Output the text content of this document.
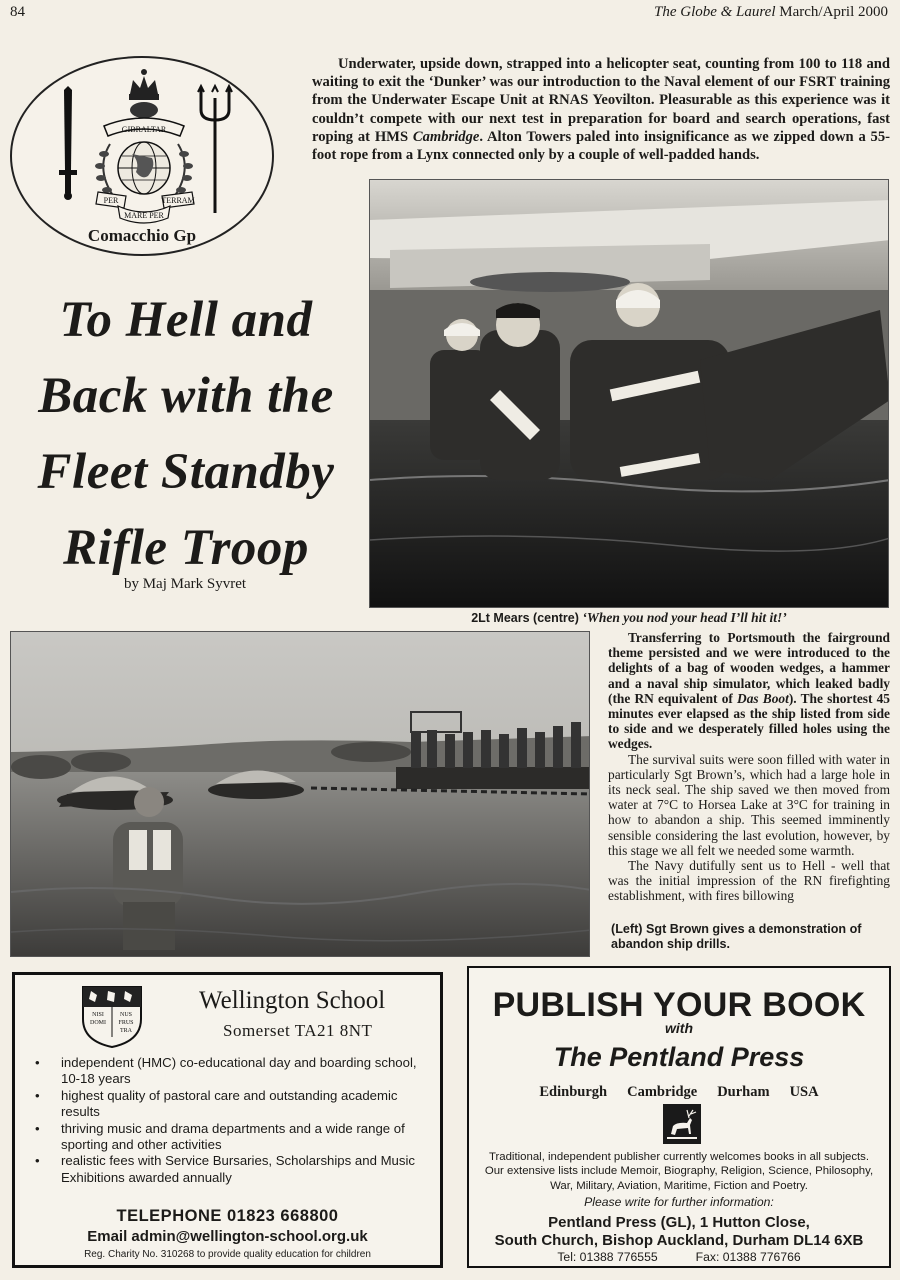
84	The Globe & Laurel March/April 2000
GIBRALTAR
PER	TERRAM
MARE PER
Comacchio Gp
Underwater, upside down, strapped into a helicopter seat, counting from 100 to 118 and waiting to exit the ‘Dunker’ was our introduction to the Naval element of our FSRT training from the Underwater Escape Unit at RNAS Yeovilton. Pleasurable as this experience was it couldn’t compete with our next test in preparation for board and search operations, fast roping at HMS Cambridge. Alton Towers paled into insignificance as we zipped down a 55-foot rope from a Lynx connected only by a couple of well-padded hands.
To Hell and
Back with the
Fleet Standby
Rifle Troop
by Maj Mark Syvret
2Lt Mears (centre) ‘When you nod your head I’ll hit it!’

Transferring to Portsmouth the fairground theme persisted and we were introduced to the delights of a bag of wooden wedges, a hammer and a naval ship simulator, which leaked badly (the RN equivalent of Das Boot). The shortest 45 minutes ever elapsed as the ship listed from side to side and we desperately filled holes using the wedges.

The survival suits were soon filled with water in particularly Sgt Brown’s, which had a large hole in its neck seal. The ship saved we then moved from water at 7°C to Horsea Lake at 3°C for training in how to abandon a ship. This seemed imminently sensible considering the last evolution, however, by this stage we all felt we needed some warmth.

The Navy dutifully sent us to Hell - well that was the initial impression of the RN firefighting establishment, with fires billowing

(Left) Sgt Brown gives a demonstration of abandon ship drills.
NISI
DOMI
NUS
FRUS
TRA
Wellington School
Somerset TA21 8NT
• independent (HMC) co-educational day and boarding school, 10-18 years
• highest quality of pastoral care and outstanding academic results
• thriving music and drama departments and a wide range of sporting and other activities
• realistic fees with Service Bursaries, Scholarships and Music Exhibitions awarded annually
TELEPHONE 01823 668800
Email admin@wellington-school.org.uk
Reg. Charity No. 310268 to provide quality education for children
PUBLISH YOUR BOOK
with
The Pentland Press
Edinburgh Cambridge Durham USA
Traditional, independent publisher currently welcomes books in all subjects. Our extensive lists include Memoir, Biography, Religion, Science, Philosophy, War, Military, Aviation, Maritime, Fiction and Poetry.
Please write for further information:
Pentland Press (GL), 1 Hutton Close,
South Church, Bishop Auckland, Durham DL14 6XB
Tel: 01388 776555	Fax: 01388 776766
